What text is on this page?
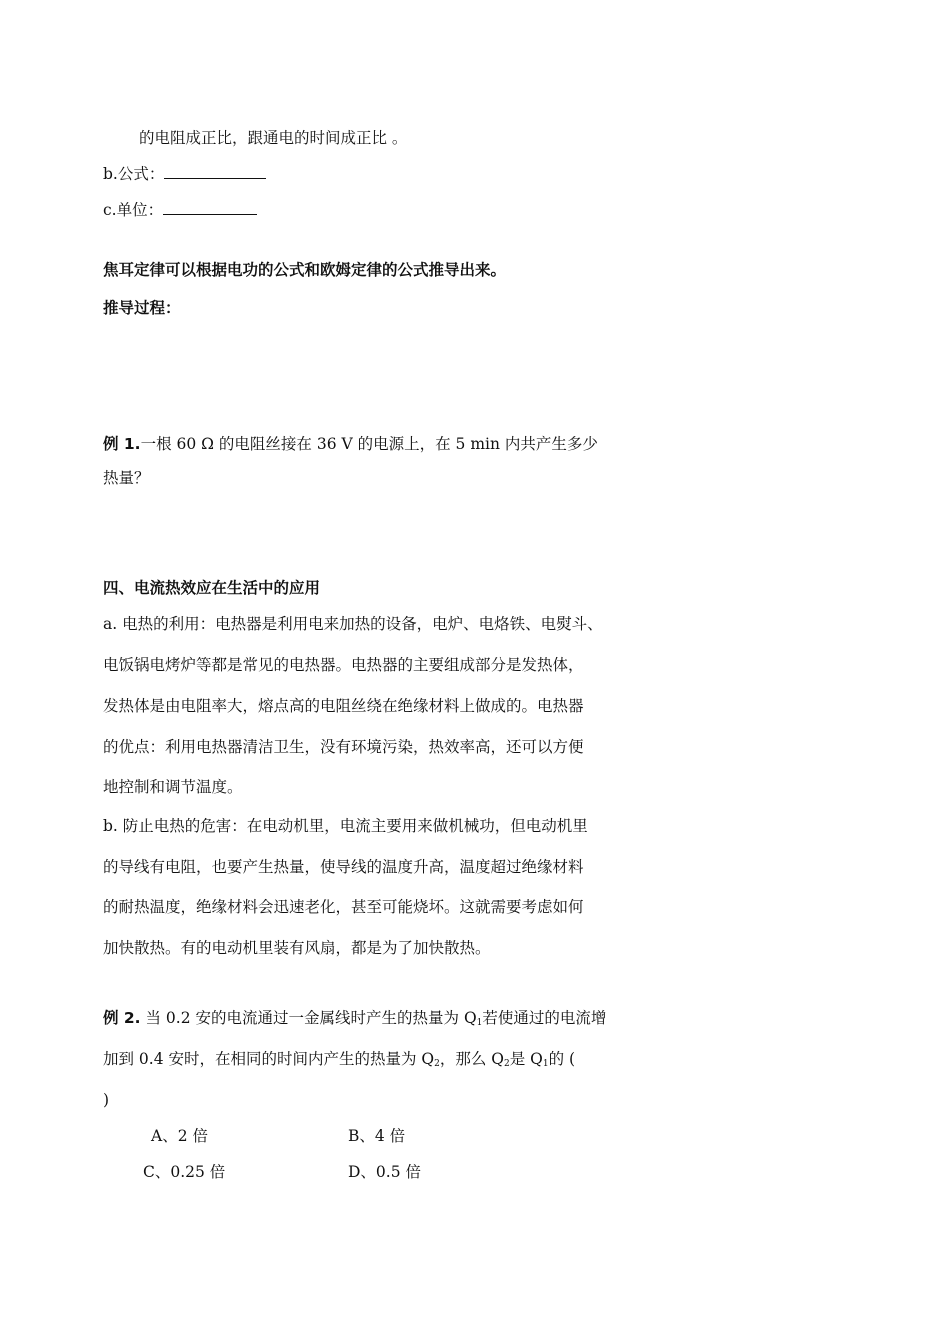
的电阻成正比，跟通电的时间成正比 。
b.公式：
c.单位：
焦耳定律可以根据电功的公式和欧姆定律的公式推导出来。
推导过程：
例 1.一根 60 Ω 的电阻丝接在 36 V 的电源上，在 5 min 内共产生多少
热量？
四、电流热效应在生活中的应用
a. 电热的利用：电热器是利用电来加热的设备，电炉、电烙铁、电熨斗、
电饭锅电烤炉等都是常见的电热器。电热器的主要组成部分是发热体，
发热体是由电阻率大，熔点高的电阻丝绕在绝缘材料上做成的。电热器
的优点：利用电热器清洁卫生，没有环境污染，热效率高，还可以方便
地控制和调节温度。
b. 防止电热的危害：在电动机里，电流主要用来做机械功，但电动机里
的导线有电阻，也要产生热量，使导线的温度升高，温度超过绝缘材料
的耐热温度，绝缘材料会迅速老化，甚至可能烧坏。这就需要考虑如何
加快散热。有的电动机里装有风扇，都是为了加快散热。
例 2. 当 0.2 安的电流通过一金属线时产生的热量为 $Q_1$若使通过的电流增
加到 0.4 安时，在相同的时间内产生的热量为 $Q_2$，那么 $Q_2$是 $Q_1$的 (
)
A、2 倍	B、4 倍
C、0.25 倍	D、0.5 倍
